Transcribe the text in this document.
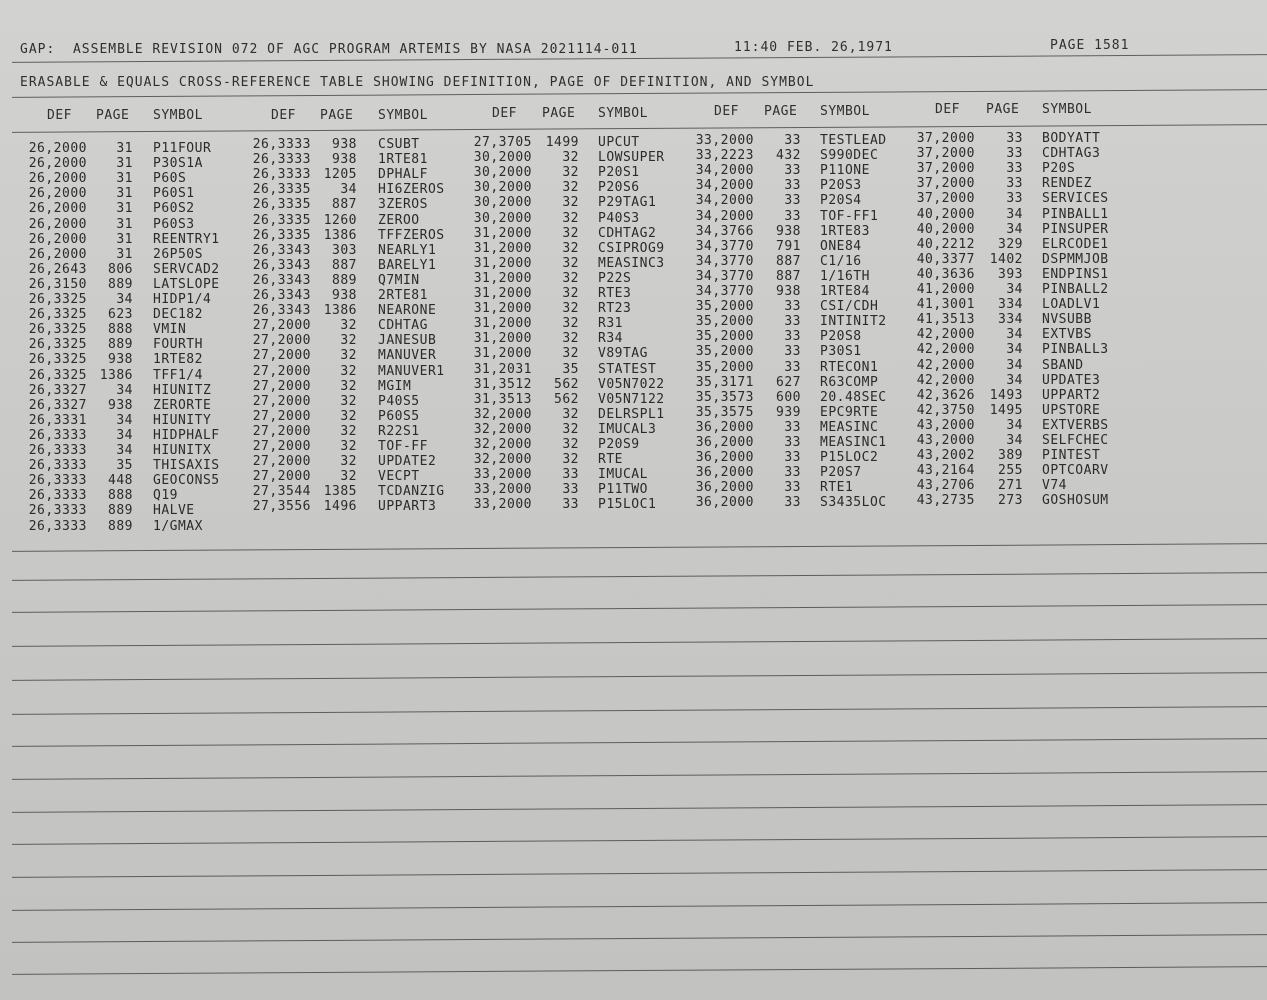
GAP:  ASSEMBLE REVISION 072 OF AGC PROGRAM ARTEMIS BY NASA 2021114-011	11:40 FEB. 26,1971	PAGE 1581
ERASABLE & EQUALS CROSS-REFERENCE TABLE SHOWING DEFINITION, PAGE OF DEFINITION, AND SYMBOL
DEF PAGE SYMBOL	DEF PAGE SYMBOL	DEF PAGE SYMBOL	DEF PAGE SYMBOL	DEF PAGE SYMBOL
26,2000 31 P11FOUR
26,2000 31 P30S1A
26,2000 31 P60S
26,2000 31 P60S1
26,2000 31 P60S2
26,2000 31 P60S3
26,2000 31 REENTRY1
26,2000 31 26P50S
26,2643 806 SERVCAD2
26,3150 889 LATSLOPE
26,3325 34 HIDP1/4
26,3325 623 DEC182
26,3325 888 VMIN
26,3325 889 FOURTH
26,3325 938 1RTE82
26,3325 1386 TFF1/4
26,3327 34 HIUNITZ
26,3327 938 ZERORTE
26,3331 34 HIUNITY
26,3333 34 HIDPHALF
26,3333 34 HIUNITX
26,3333 35 THISAXIS
26,3333 448 GEOCONS5
26,3333 888 Q19
26,3333 889 HALVE
26,3333 889 1/GMAX
26,3333 938 CSUBT
26,3333 938 1RTE81
26,3333 1205 DPHALF
26,3335 34 HI6ZEROS
26,3335 887 3ZEROS
26,3335 1260 ZEROO
26,3335 1386 TFFZEROS
26,3343 303 NEARLY1
26,3343 887 BARELY1
26,3343 889 Q7MIN
26,3343 938 2RTE81
26,3343 1386 NEARONE
27,2000 32 CDHTAG
27,2000 32 JANESUB
27,2000 32 MANUVER
27,2000 32 MANUVER1
27,2000 32 MGIM
27,2000 32 P40S5
27,2000 32 P60S5
27,2000 32 R22S1
27,2000 32 TOF-FF
27,2000 32 UPDATE2
27,2000 32 VECPT
27,3544 1385 TCDANZIG
27,3556 1496 UPPART3
27,3705 1499 UPCUT
30,2000 32 LOWSUPER
30,2000 32 P20S1
30,2000 32 P20S6
30,2000 32 P29TAG1
30,2000 32 P40S3
31,2000 32 CDHTAG2
31,2000 32 CSIPROG9
31,2000 32 MEASINC3
31,2000 32 P22S
31,2000 32 RTE3
31,2000 32 RT23
31,2000 32 R31
31,2000 32 R34
31,2000 32 V89TAG
31,2031 35 STATEST
31,3512 562 V05N7022
31,3513 562 V05N7122
32,2000 32 DELRSPL1
32,2000 32 IMUCAL3
32,2000 32 P20S9
32,2000 32 RTE
33,2000 33 IMUCAL
33,2000 33 P11TWO
33,2000 33 P15LOC1
33,2000 33 TESTLEAD
33,2223 432 S990DEC
34,2000 33 P11ONE
34,2000 33 P20S3
34,2000 33 P20S4
34,2000 33 TOF-FF1
34,3766 938 1RTE83
34,3770 791 ONE84
34,3770 887 C1/16
34,3770 887 1/16TH
34,3770 938 1RTE84
35,2000 33 CSI/CDH
35,2000 33 INTINIT2
35,2000 33 P20S8
35,2000 33 P30S1
35,2000 33 RTECON1
35,3171 627 R63COMP
35,3573 600 20.48SEC
35,3575 939 EPC9RTE
36,2000 33 MEASINC
36,2000 33 MEASINC1
36,2000 33 P15LOC2
36,2000 33 P20S7
36,2000 33 RTE1
36,2000 33 S3435LOC
37,2000 33 BODYATT
37,2000 33 CDHTAG3
37,2000 33 P20S
37,2000 33 RENDEZ
37,2000 33 SERVICES
40,2000 34 PINBALL1
40,2000 34 PINSUPER
40,2212 329 ELRCODE1
40,3377 1402 DSPMMJOB
40,3636 393 ENDPINS1
41,2000 34 PINBALL2
41,3001 334 LOADLV1
41,3513 334 NVSUBB
42,2000 34 EXTVBS
42,2000 34 PINBALL3
42,2000 34 SBAND
42,2000 34 UPDATE3
42,3626 1493 UPPART2
42,3750 1495 UPSTORE
43,2000 34 EXTVERBS
43,2000 34 SELFCHEC
43,2002 389 PINTEST
43,2164 255 OPTCOARV
43,2706 271 V74
43,2735 273 GOSHOSUM
